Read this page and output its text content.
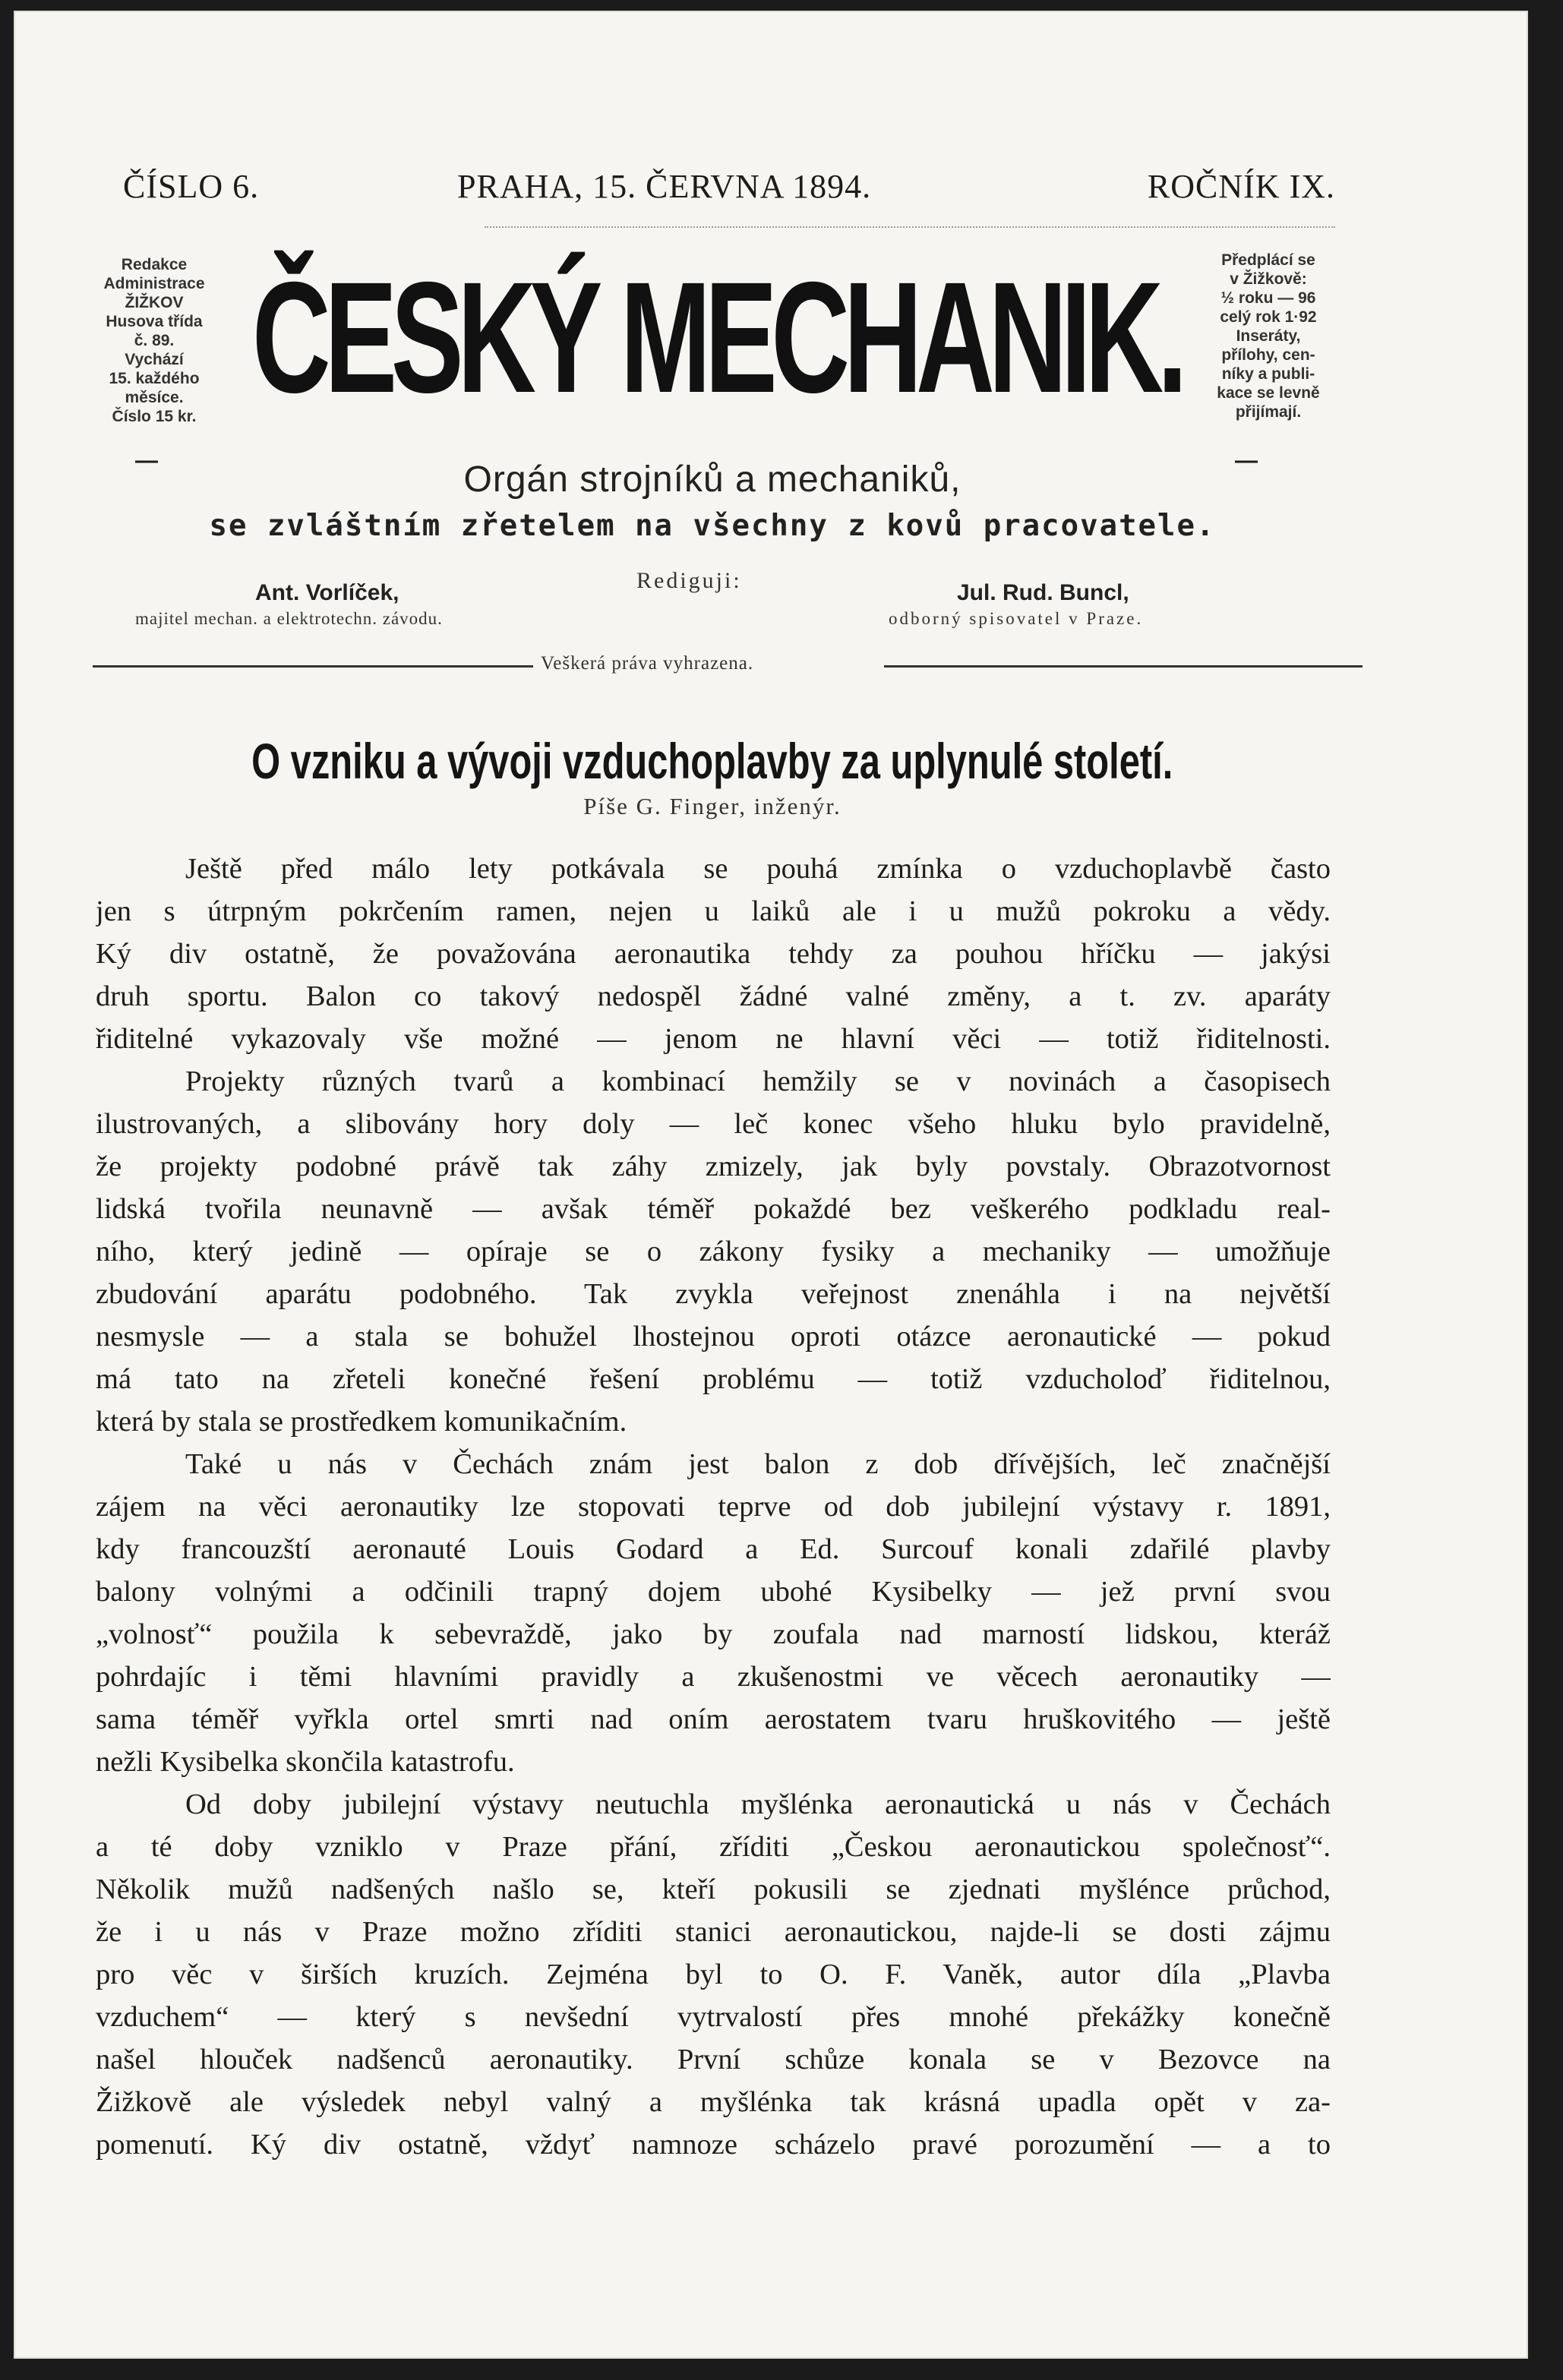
ČÍSLO 6.	PRAHA, 15. ČERVNA 1894.	ROČNÍK IX.
Redakce
Administrace
ŽIŽKOV
Husova třída
č. 89.
Vychází
15. každého
měsíce.
Číslo 15 kr.
—
Předplácí se
v Žižkově:
½ roku — 96
celý rok 1·92
Inseráty,
přílohy, cen-
níky a publi-
kace se levně
přijímají.
—
ČESKÝ MECHANIK.
Orgán strojníků a mechaniků,
se zvláštním zřetelem na všechny z kovů pracovatele.
Rediguji:
Ant. Vorlíček,
majitel mechan. a elektrotechn. závodu.
Jul. Rud. Buncl,
odborný spisovatel v Praze.
Veškerá práva vyhrazena.
O vzniku a vývoji vzduchoplavby za uplynulé století.
Píše G. Finger, inženýr.
Ještě před málo lety potkávala se pouhá zmínka o vzduchoplavbě často
jen s útrpným pokrčením ramen, nejen u laiků ale i u mužů pokroku a vědy.
Ký div ostatně, že považována aeronautika tehdy za pouhou hříčku — jakýsi
druh sportu. Balon co takový nedospěl žádné valné změny, a t. zv. aparáty
řiditelné vykazovaly vše možné — jenom ne hlavní věci — totiž řiditelnosti.
Projekty různých tvarů a kombinací hemžily se v novinách a časopisech
ilustrovaných, a slibovány hory doly — leč konec všeho hluku bylo pravidelně,
že projekty podobné právě tak záhy zmizely, jak byly povstaly. Obrazotvornost
lidská tvořila neunavně — avšak téměř pokaždé bez veškerého podkladu real-
ního, který jedině — opíraje se o zákony fysiky a mechaniky — umožňuje
zbudování aparátu podobného. Tak zvykla veřejnost znenáhla i na největší
nesmysle — a stala se bohužel lhostejnou oproti otázce aeronautické — pokud
má tato na zřeteli konečné řešení problému — totiž vzducholoď řiditelnou,
která by stala se prostředkem komunikačním.
Také u nás v Čechách znám jest balon z dob dřívějších, leč značnější
zájem na věci aeronautiky lze stopovati teprve od dob jubilejní výstavy r. 1891,
kdy francouzští aeronauté Louis Godard a Ed. Surcouf konali zdařilé plavby
balony volnými a odčinili trapný dojem ubohé Kysibelky — jež první svou
„volnosť“ použila k sebevraždě, jako by zoufala nad marností lidskou, kteráž
pohrdajíc i těmi hlavními pravidly a zkušenostmi ve věcech aeronautiky —
sama téměř vyřkla ortel smrti nad oním aerostatem tvaru hruškovitého — ještě
nežli Kysibelka skončila katastrofu.
Od doby jubilejní výstavy neutuchla myšlénka aeronautická u nás v Čechách
a té doby vzniklo v Praze přání, zříditi „Českou aeronautickou společnosť“.
Několik mužů nadšených našlo se, kteří pokusili se zjednati myšlénce průchod,
že i u nás v Praze možno zříditi stanici aeronautickou, najde-li se dosti zájmu
pro věc v širších kruzích. Zejména byl to O. F. Vaněk, autor díla „Plavba
vzduchem“ — který s nevšední vytrvalostí přes mnohé překážky konečně
našel hlouček nadšenců aeronautiky. První schůze konala se v Bezovce na
Žižkově ale výsledek nebyl valný a myšlénka tak krásná upadla opět v za-
pomenutí. Ký div ostatně, vždyť namnoze scházelo pravé porozumění — a to
